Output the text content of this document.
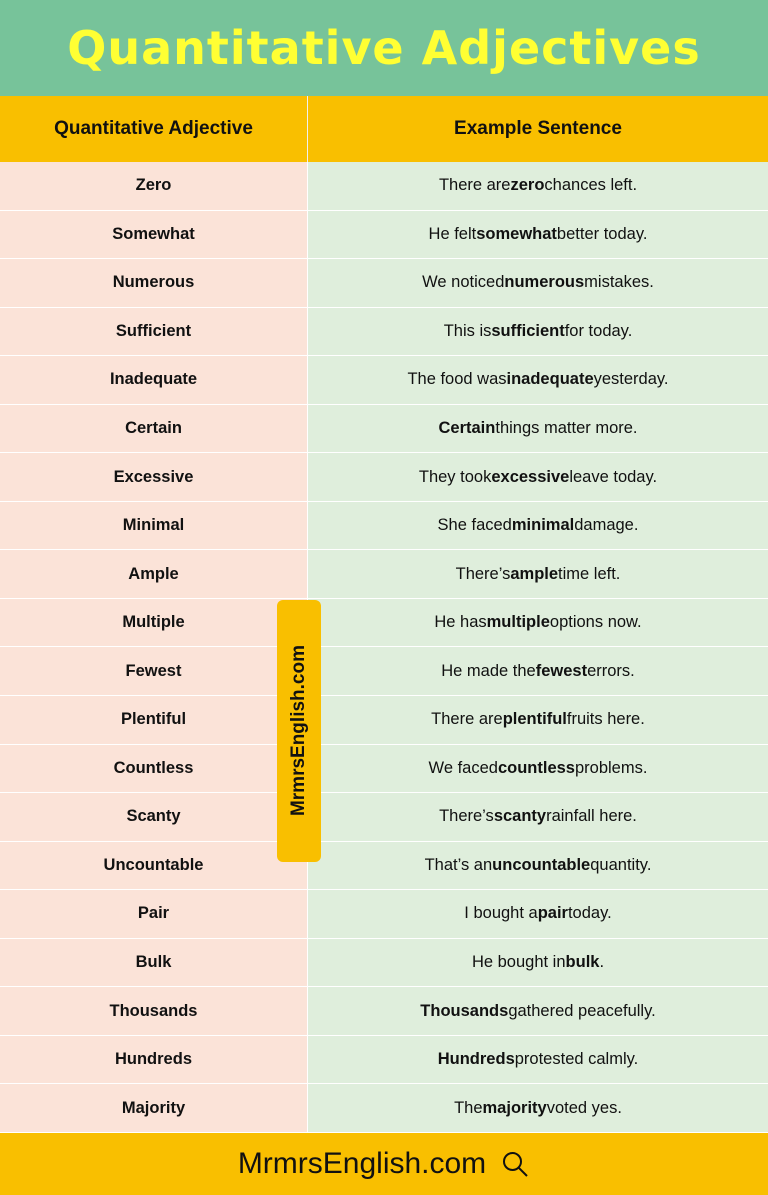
Quantitative Adjectives
Quantitative Adjective	Example Sentence
Zero	There are zero chances left.
Somewhat	He felt somewhat better today.
Numerous	We noticed numerous mistakes.
Sufficient	This is sufficient for today.
Inadequate	The food was inadequate yesterday.
Certain	Certain things matter more.
Excessive	They took excessive leave today.
Minimal	She faced minimal damage.
Ample	There’s ample time left.
Multiple	He has multiple options now.
Fewest	He made the fewest errors.
Plentiful	There are plentiful fruits here.
Countless	We faced countless problems.
Scanty	There’s scanty rainfall here.
Uncountable	That’s an uncountable quantity.
Pair	I bought a pair today.
Bulk	He bought in bulk .
Thousands	Thousands gathered peacefully.
Hundreds	Hundreds protested calmly.
Majority	The majority voted yes.
MrmrsEnglish.com
MrmrsEnglish.com
